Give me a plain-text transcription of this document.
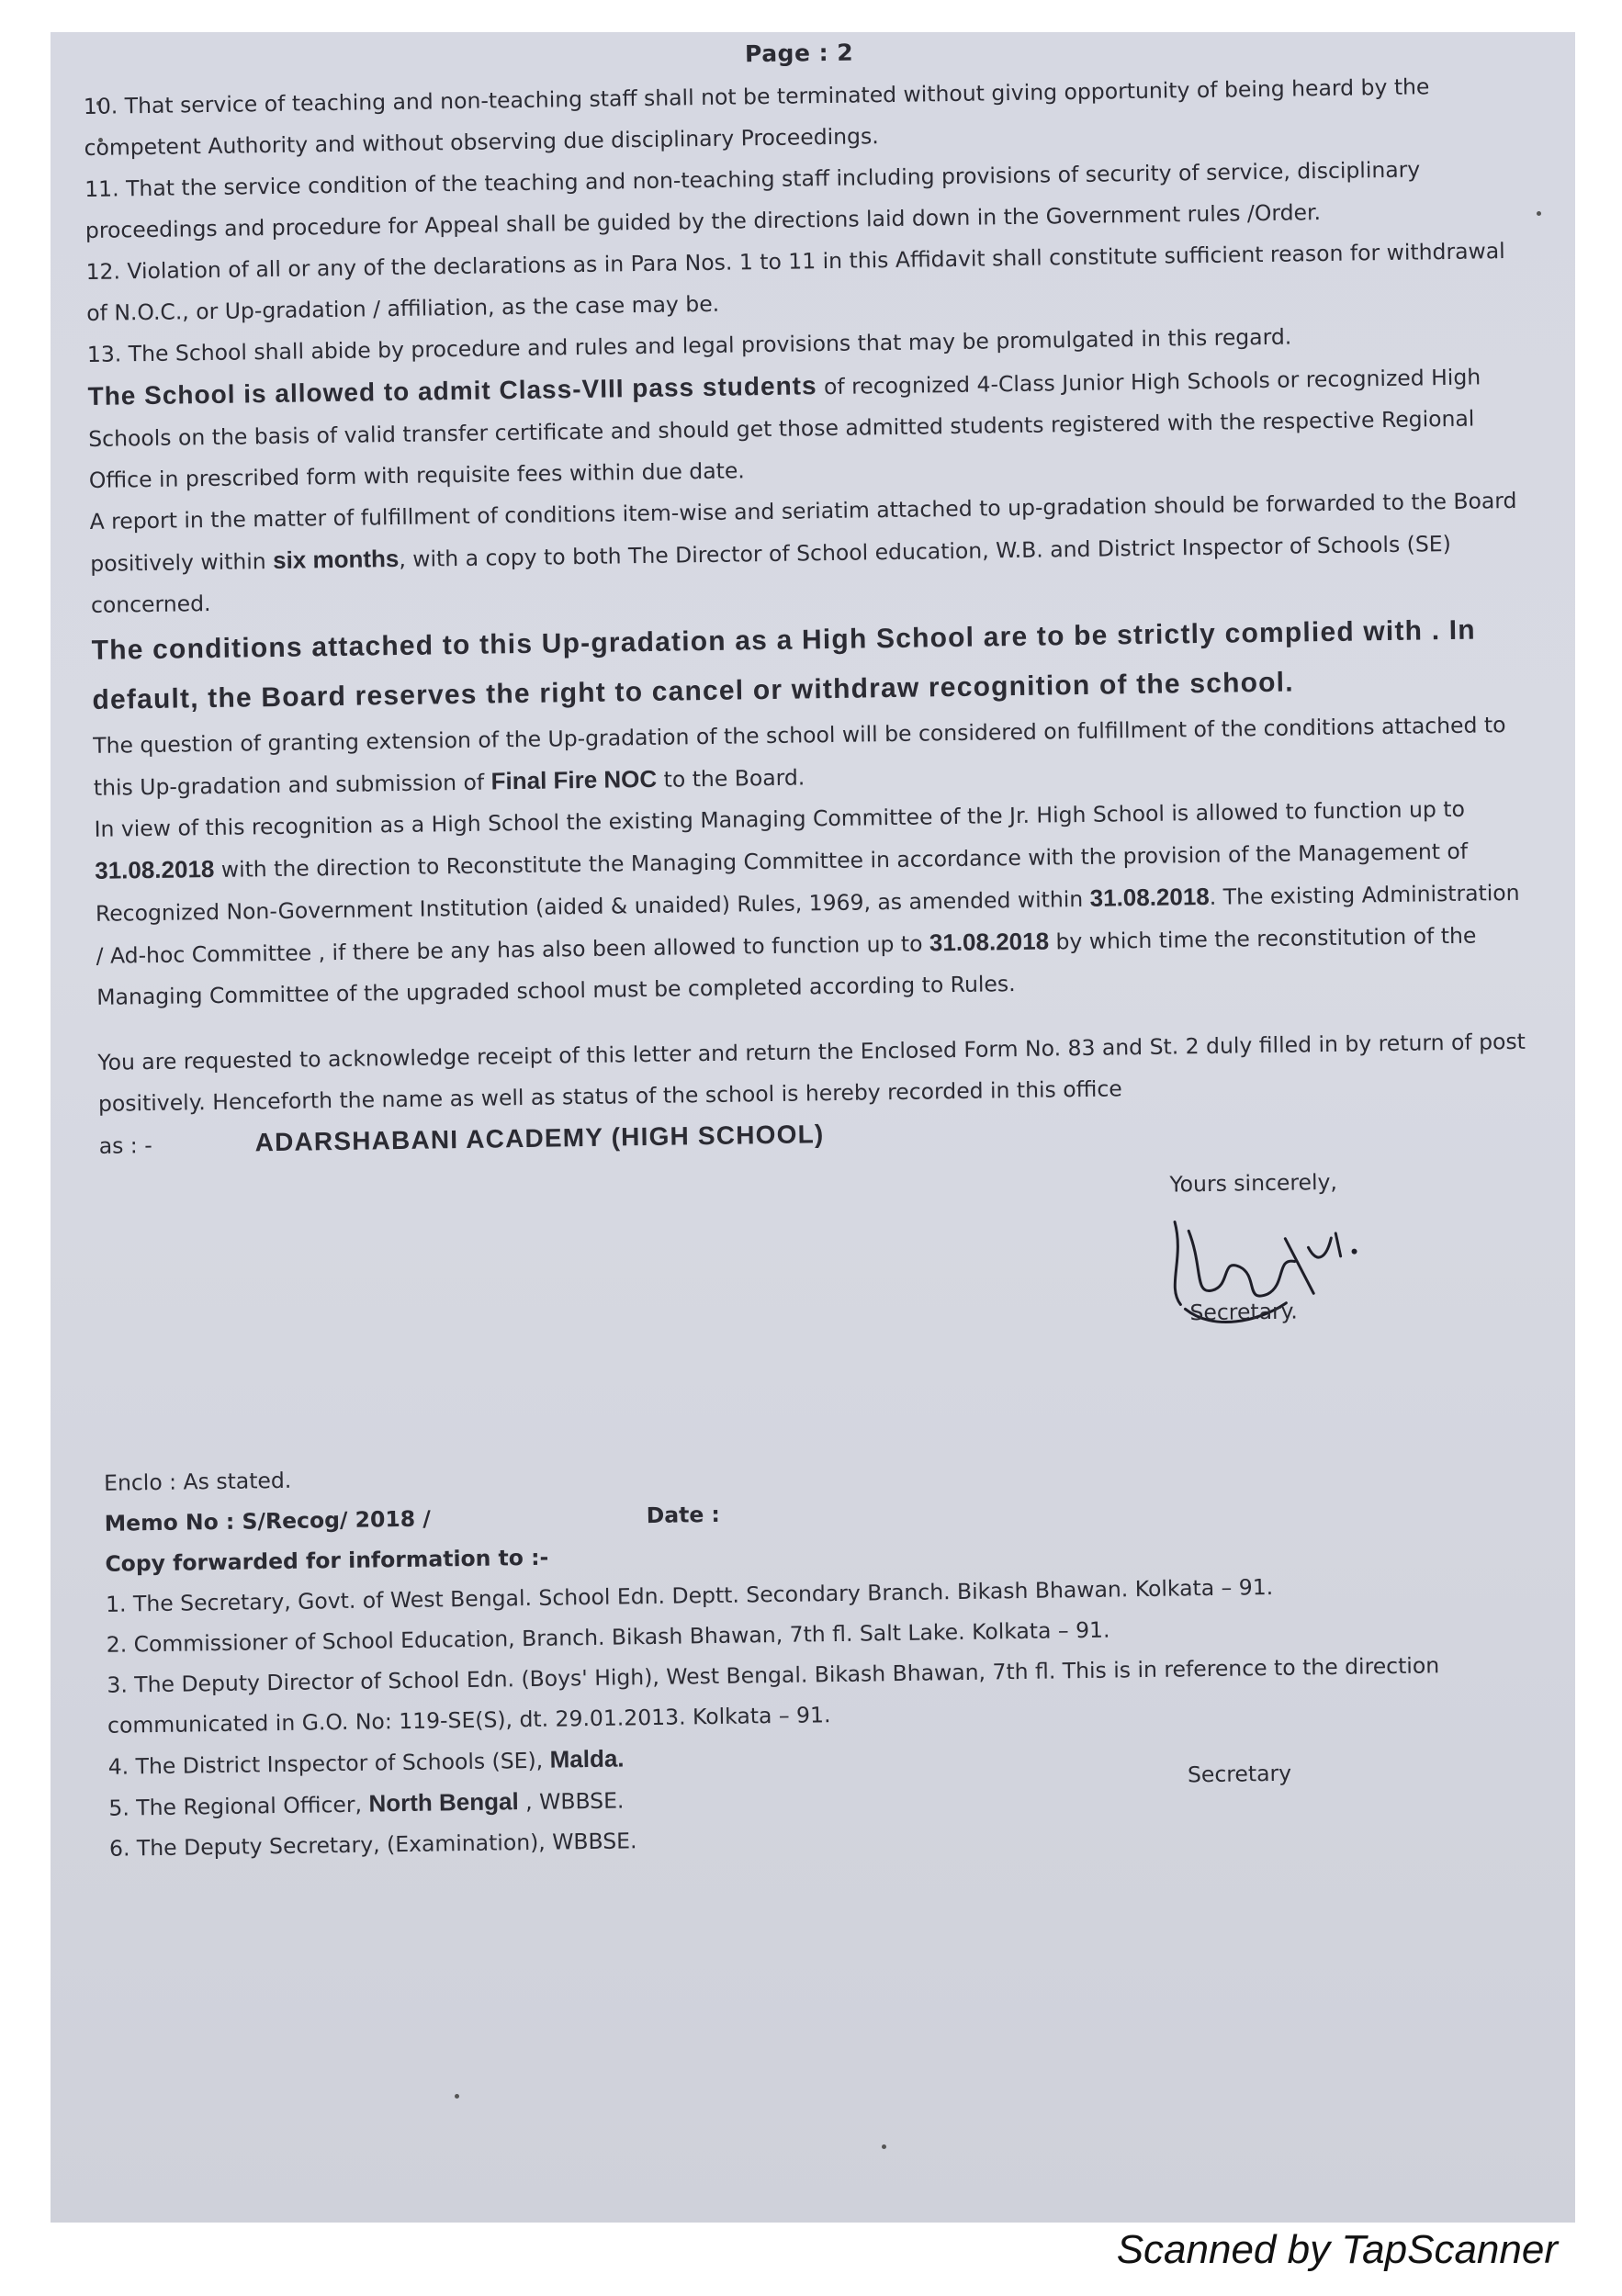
Page : 2

10. That service of teaching and non-teaching staff shall not be terminated without giving opportunity of being heard by the competent Authority and without observing due disciplinary Proceedings.

11. That the service condition of the teaching and non-teaching staff including provisions of security of service, disciplinary proceedings and procedure for Appeal shall be guided by the directions laid down in the Government rules /Order.

12. Violation of all or any of the declarations as in Para Nos. 1 to 11 in this Affidavit shall constitute sufficient reason for withdrawal of N.O.C., or Up-gradation / affiliation, as the case may be.

13. The School shall abide by procedure and rules and legal provisions that may be promulgated in this regard.

The School is allowed to admit Class-VIII pass students of recognized 4-Class Junior High Schools or recognized High Schools on the basis of valid transfer certificate and should get those admitted students registered with the respective Regional Office in prescribed form with requisite fees within due date.

A report in the matter of fulfillment of conditions item-wise and seriatim attached to up-gradation should be forwarded to the Board positively within six months, with a copy to both The Director of School education, W.B. and District Inspector of Schools (SE) concerned.

The conditions attached to this Up-gradation as a High School are to be strictly complied with . In default, the Board reserves the right to cancel or withdraw recognition of the school.

The question of granting extension of the Up-gradation of the school will be considered on fulfillment of the conditions attached to this Up-gradation and submission of Final Fire NOC to the Board.

In view of this recognition as a High School the existing Managing Committee of the Jr. High School is allowed to function up to 31.08.2018 with the direction to Reconstitute the Managing Committee in accordance with the provision of the Management of Recognized Non-Government Institution (aided & unaided) Rules, 1969, as amended within 31.08.2018. The existing Administration / Ad-hoc Committee , if there be any has also been allowed to function up to 31.08.2018 by which time the reconstitution of the Managing Committee of the upgraded school must be completed according to Rules.

You are requested to acknowledge receipt of this letter and return the Enclosed Form No. 83 and St. 2 duly filled in by return of post positively. Henceforth the name as well as status of the school is hereby recorded in this office

as : -	ADARSHABANI ACADEMY (HIGH SCHOOL)
Yours sincerely,
Secretary.
Enclo : As stated.
Memo No : S/Recog/ 2018 /	Date :
Copy forwarded for information to :-
1. The Secretary, Govt. of West Bengal. School Edn. Deptt. Secondary Branch. Bikash Bhawan. Kolkata – 91.
2. Commissioner of School Education, Branch. Bikash Bhawan, 7th fl. Salt Lake. Kolkata – 91.
3. The Deputy Director of School Edn. (Boys' High), West Bengal. Bikash Bhawan, 7th fl. This is in reference to the direction communicated in G.O. No: 119-SE(S), dt. 29.01.2013. Kolkata – 91.
4. The District Inspector of Schools (SE), Malda.
5. The Regional Officer, North Bengal , WBBSE.
6. The Deputy Secretary, (Examination), WBBSE.
Secretary
Scanned by TapScanner
